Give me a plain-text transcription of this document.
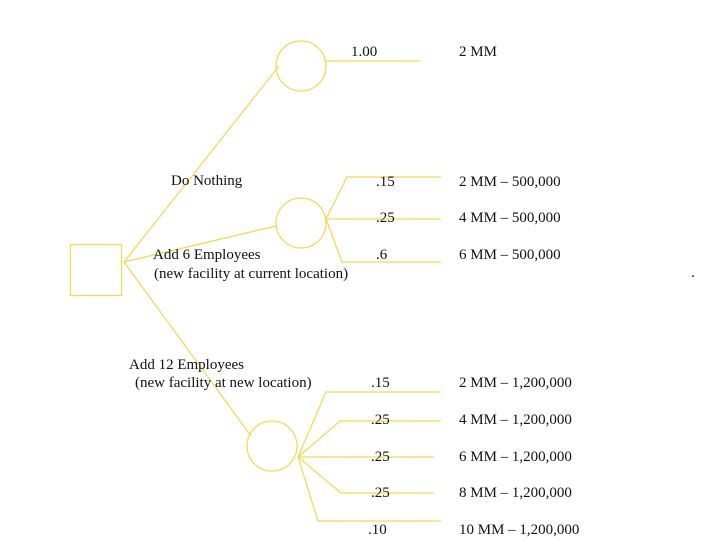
Do Nothing
Add 6 Employees
(new facility at current location)
Add 12 Employees
(new facility at new location)
1.00	2 MM
.15	2 MM – 500,000
.25	4 MM – 500,000
.6	6 MM – 500,000
.15	2 MM – 1,200,000
.25	4 MM – 1,200,000
.25	6 MM – 1,200,000
.25	8 MM – 1,200,000
.10	10 MM – 1,200,000
.
